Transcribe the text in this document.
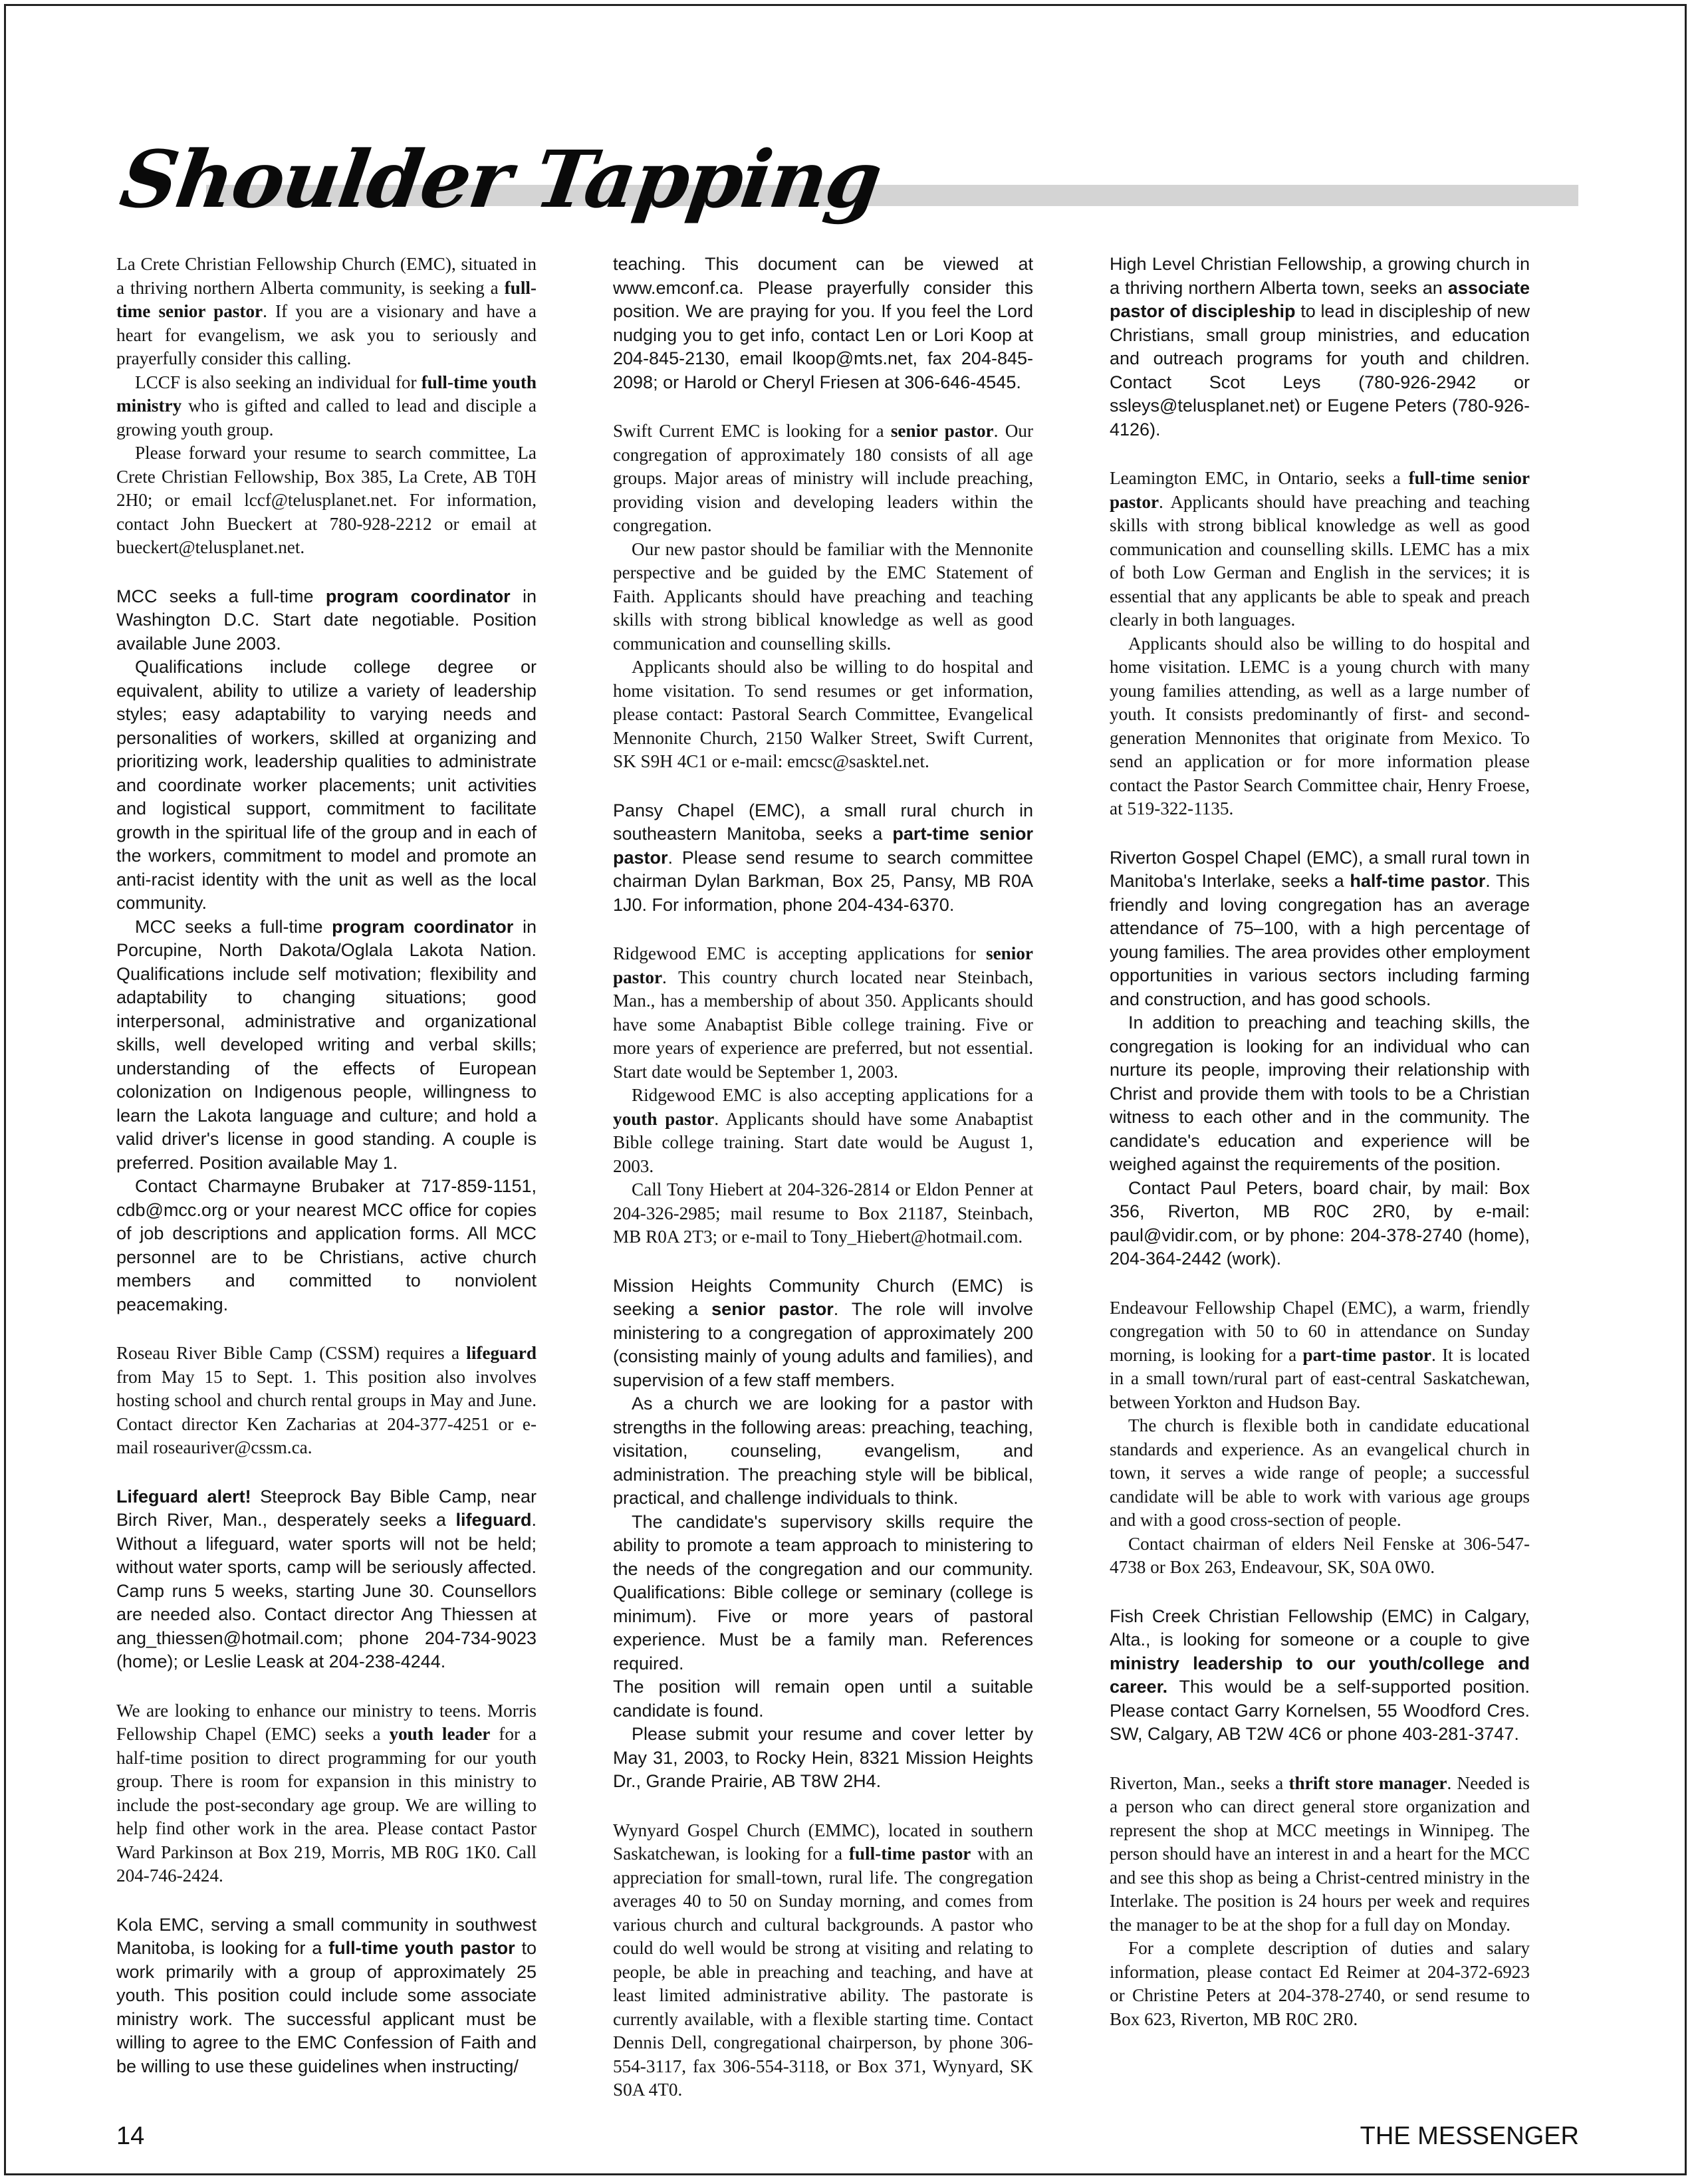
Shoulder Tapping

La Crete Christian Fellowship Church (EMC), situated in a thriving northern Alberta community, is seeking a full-time senior pastor. If you are a visionary and have a heart for evangelism, we ask you to seriously and prayerfully consider this calling.

LCCF is also seeking an individual for full-time youth ministry who is gifted and called to lead and disciple a growing youth group.

Please forward your resume to search committee, La Crete Christian Fellowship, Box 385, La Crete, AB T0H 2H0; or email lccf@telusplanet.net. For information, contact John Bueckert at 780-928-2212 or email at bueckert@telusplanet.net.

MCC seeks a full-time program coordinator in Washington D.C. Start date negotiable. Position available June 2003.

Qualifications include college degree or equivalent, ability to utilize a variety of leadership styles; easy adaptability to varying needs and personalities of workers, skilled at organizing and prioritizing work, leadership qualities to administrate and coordinate worker placements; unit activities and logistical support, commitment to facilitate growth in the spiritual life of the group and in each of the workers, commitment to model and promote an anti-racist identity with the unit as well as the local community.

MCC seeks a full-time program coordinator in Porcupine, North Dakota/Oglala Lakota Nation. Qualifications include self motivation; flexibility and adaptability to changing situations; good interpersonal, administrative and organizational skills, well developed writing and verbal skills; understanding of the effects of European colonization on Indigenous people, willingness to learn the Lakota language and culture; and hold a valid driver's license in good standing. A couple is preferred. Position available May 1.

Contact Charmayne Brubaker at 717-859-1151, cdb@mcc.org or your nearest MCC office for copies of job descriptions and application forms. All MCC personnel are to be Christians, active church members and committed to nonviolent peacemaking.

Roseau River Bible Camp (CSSM) requires a lifeguard from May 15 to Sept. 1. This position also involves hosting school and church rental groups in May and June. Contact director Ken Zacharias at 204-377-4251 or e-mail roseauriver@cssm.ca.

Lifeguard alert! Steeprock Bay Bible Camp, near Birch River, Man., desperately seeks a lifeguard. Without a lifeguard, water sports will not be held; without water sports, camp will be seriously affected. Camp runs 5 weeks, starting June 30. Counsellors are needed also. Contact director Ang Thiessen at ang_thiessen@hotmail.com; phone 204-734-9023 (home); or Leslie Leask at 204-238-4244.

We are looking to enhance our ministry to teens. Morris Fellowship Chapel (EMC) seeks a youth leader for a half-time position to direct programming for our youth group. There is room for expansion in this ministry to include the post-secondary age group. We are willing to help find other work in the area. Please contact Pastor Ward Parkinson at Box 219, Morris, MB R0G 1K0. Call 204-746-2424.

Kola EMC, serving a small community in southwest Manitoba, is looking for a full-time youth pastor to work primarily with a group of approximately 25 youth. This position could include some associate ministry work. The successful applicant must be willing to agree to the EMC Confession of Faith and be willing to use these guidelines when instructing/

teaching. This document can be viewed at www.emconf.ca. Please prayerfully consider this position. We are praying for you. If you feel the Lord nudging you to get info, contact Len or Lori Koop at 204-845-2130, email lkoop@mts.net, fax 204-845-2098; or Harold or Cheryl Friesen at 306-646-4545.

Swift Current EMC is looking for a senior pastor. Our congregation of approximately 180 consists of all age groups. Major areas of ministry will include preaching, providing vision and developing leaders within the congregation.

Our new pastor should be familiar with the Mennonite perspective and be guided by the EMC Statement of Faith. Applicants should have preaching and teaching skills with strong biblical knowledge as well as good communication and counselling skills.

Applicants should also be willing to do hospital and home visitation. To send resumes or get information, please contact: Pastoral Search Committee, Evangelical Mennonite Church, 2150 Walker Street, Swift Current, SK S9H 4C1 or e-mail: emcsc@sasktel.net.

Pansy Chapel (EMC), a small rural church in southeastern Manitoba, seeks a part-time senior pastor. Please send resume to search committee chairman Dylan Barkman, Box 25, Pansy, MB R0A 1J0. For information, phone 204-434-6370.

Ridgewood EMC is accepting applications for senior pastor. This country church located near Steinbach, Man., has a membership of about 350. Applicants should have some Anabaptist Bible college training. Five or more years of experience are preferred, but not essential. Start date would be September 1, 2003.

Ridgewood EMC is also accepting applications for a youth pastor. Applicants should have some Anabaptist Bible college training. Start date would be August 1, 2003.

Call Tony Hiebert at 204-326-2814 or Eldon Penner at 204-326-2985; mail resume to Box 21187, Steinbach, MB R0A 2T3; or e-mail to Tony_Hiebert@hotmail.com.

Mission Heights Community Church (EMC) is seeking a senior pastor. The role will involve ministering to a congregation of approximately 200 (consisting mainly of young adults and families), and supervision of a few staff members.

As a church we are looking for a pastor with strengths in the following areas: preaching, teaching, visitation, counseling, evangelism, and administration. The preaching style will be biblical, practical, and challenge individuals to think.

The candidate's supervisory skills require the ability to promote a team approach to ministering to the needs of the congregation and our community. Qualifications: Bible college or seminary (college is minimum). Five or more years of pastoral experience. Must be a family man. References required.

The position will remain open until a suitable candidate is found.

Please submit your resume and cover letter by May 31, 2003, to Rocky Hein, 8321 Mission Heights Dr., Grande Prairie, AB T8W 2H4.

Wynyard Gospel Church (EMMC), located in southern Saskatchewan, is looking for a full-time pastor with an appreciation for small-town, rural life. The congregation averages 40 to 50 on Sunday morning, and comes from various church and cultural backgrounds. A pastor who could do well would be strong at visiting and relating to people, be able in preaching and teaching, and have at least limited administrative ability. The pastorate is currently available, with a flexible starting time. Contact Dennis Dell, congregational chairperson, by phone 306-554-3117, fax 306-554-3118, or Box 371, Wynyard, SK S0A 4T0.

High Level Christian Fellowship, a growing church in a thriving northern Alberta town, seeks an associate pastor of discipleship to lead in discipleship of new Christians, small group ministries, and education and outreach programs for youth and children. Contact Scot Leys (780-926-2942 or ssleys@telusplanet.net) or Eugene Peters (780-926-4126).

Leamington EMC, in Ontario, seeks a full-time senior pastor. Applicants should have preaching and teaching skills with strong biblical knowledge as well as good communication and counselling skills. LEMC has a mix of both Low German and English in the services; it is essential that any applicants be able to speak and preach clearly in both languages.

Applicants should also be willing to do hospital and home visitation. LEMC is a young church with many young families attending, as well as a large number of youth. It consists predominantly of first- and second-generation Mennonites that originate from Mexico. To send an application or for more information please contact the Pastor Search Committee chair, Henry Froese, at 519-322-1135.

Riverton Gospel Chapel (EMC), a small rural town in Manitoba's Interlake, seeks a half-time pastor. This friendly and loving congregation has an average attendance of 75–100, with a high percentage of young families. The area provides other employment opportunities in various sectors including farming and construction, and has good schools.

In addition to preaching and teaching skills, the congregation is looking for an individual who can nurture its people, improving their relationship with Christ and provide them with tools to be a Christian witness to each other and in the community. The candidate's education and experience will be weighed against the requirements of the position.

Contact Paul Peters, board chair, by mail: Box 356, Riverton, MB R0C 2R0, by e-mail: paul@vidir.com, or by phone: 204-378-2740 (home), 204-364-2442 (work).

Endeavour Fellowship Chapel (EMC), a warm, friendly congregation with 50 to 60 in attendance on Sunday morning, is looking for a part-time pastor. It is located in a small town/rural part of east-central Saskatchewan, between Yorkton and Hudson Bay.

The church is flexible both in candidate educational standards and experience. As an evangelical church in town, it serves a wide range of people; a successful candidate will be able to work with various age groups and with a good cross-section of people.

Contact chairman of elders Neil Fenske at 306-547-4738 or Box 263, Endeavour, SK, S0A 0W0.

Fish Creek Christian Fellowship (EMC) in Calgary, Alta., is looking for someone or a couple to give ministry leadership to our youth/college and career. This would be a self-supported position. Please contact Garry Kornelsen, 55 Woodford Cres. SW, Calgary, AB T2W 4C6 or phone 403-281-3747.

Riverton, Man., seeks a thrift store manager. Needed is a person who can direct general store organization and represent the shop at MCC meetings in Winnipeg. The person should have an interest in and a heart for the MCC and see this shop as being a Christ-centred ministry in the Interlake. The position is 24 hours per week and requires the manager to be at the shop for a full day on Monday.

For a complete description of duties and salary information, please contact Ed Reimer at 204-372-6923 or Christine Peters at 204-378-2740, or send resume to Box 623, Riverton, MB R0C 2R0.

14	THE MESSENGER
